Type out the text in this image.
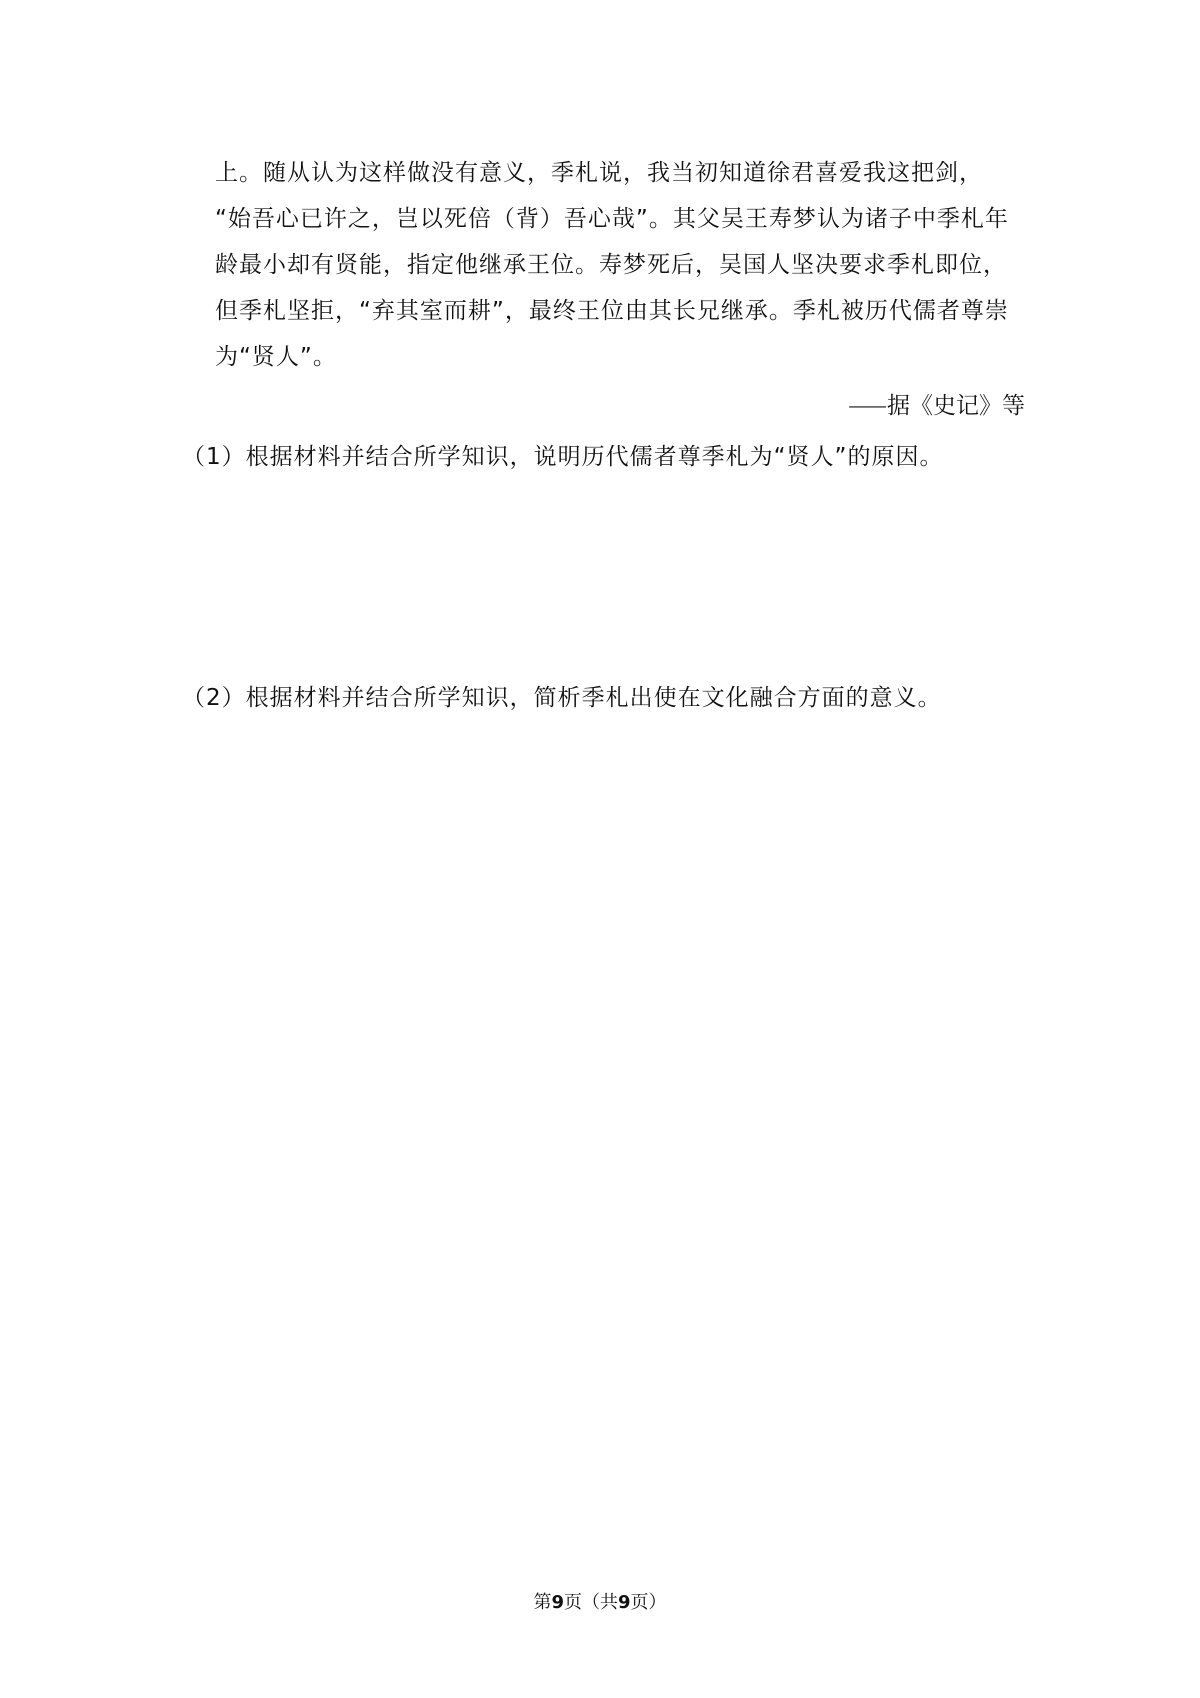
上。随从认为这样做没有意义，季札说，我当初知道徐君喜爱我这把剑，
“始吾心已许之，岂以死倍（背）吾心哉”。其父吴王寿梦认为诸子中季札年
龄最小却有贤能，指定他继承王位。寿梦死后，吴国人坚决要求季札即位，
但季札坚拒，“弃其室而耕”，最终王位由其长兄继承。季札被历代儒者尊崇
为“贤人”。
⸺据《史记》等
（1）根据材料并结合所学知识，说明历代儒者尊季札为“贤人”的原因。
（2）根据材料并结合所学知识，简析季札出使在文化融合方面的意义。
第9页（共9页）
